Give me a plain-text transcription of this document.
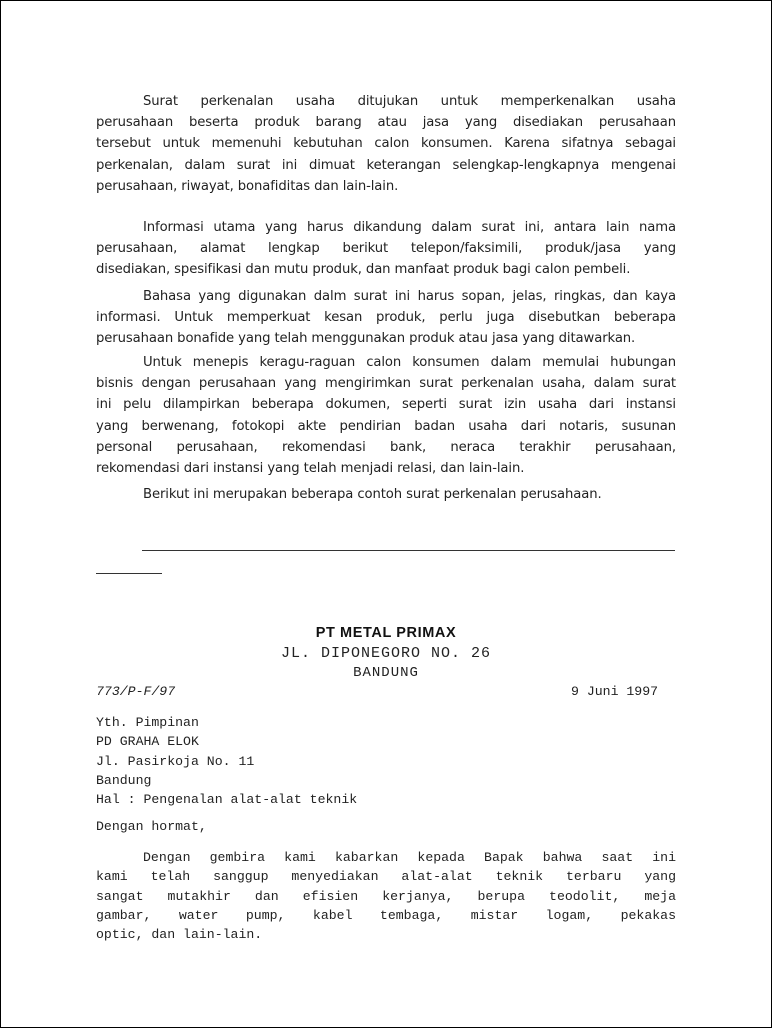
Surat perkenalan usaha ditujukan untuk memperkenalkan usaha
perusahaan beserta produk barang atau jasa yang disediakan perusahaan
tersebut untuk memenuhi kebutuhan calon konsumen. Karena sifatnya sebagai
perkenalan, dalam surat ini dimuat keterangan selengkap-lengkapnya mengenai
perusahaan, riwayat, bonafiditas dan lain-lain.
Informasi utama yang harus dikandung dalam surat ini, antara lain nama
perusahaan, alamat lengkap berikut telepon/faksimili, produk/jasa yang
disediakan, spesifikasi dan mutu produk, dan manfaat produk bagi calon pembeli.
Bahasa yang digunakan dalm surat ini harus sopan, jelas, ringkas, dan kaya
informasi. Untuk memperkuat kesan produk, perlu juga disebutkan beberapa
perusahaan bonafide yang telah menggunakan produk atau jasa yang ditawarkan.
Untuk menepis keragu-raguan calon konsumen dalam memulai hubungan
bisnis dengan perusahaan yang mengirimkan surat perkenalan usaha, dalam surat
ini pelu dilampirkan beberapa dokumen, seperti surat izin usaha dari instansi
yang berwenang, fotokopi akte pendirian badan usaha dari notaris, susunan
personal perusahaan, rekomendasi bank, neraca terakhir perusahaan,
rekomendasi dari instansi yang telah menjadi relasi, dan lain-lain.
Berikut ini merupakan beberapa contoh surat perkenalan perusahaan.
PT METAL PRIMAX
JL. DIPONEGORO NO. 26
BANDUNG
773/P-F/97	9 Juni 1997
Yth. Pimpinan
PD GRAHA ELOK
Jl. Pasirkoja No. 11
Bandung
Hal : Pengenalan alat-alat teknik
Dengan hormat,
Dengan gembira kami kabarkan kepada Bapak bahwa saat ini
kami telah sanggup menyediakan alat-alat teknik terbaru yang
sangat mutakhir dan efisien kerjanya, berupa teodolit, meja
gambar, water pump, kabel tembaga, mistar logam, pekakas
optic, dan lain-lain.
